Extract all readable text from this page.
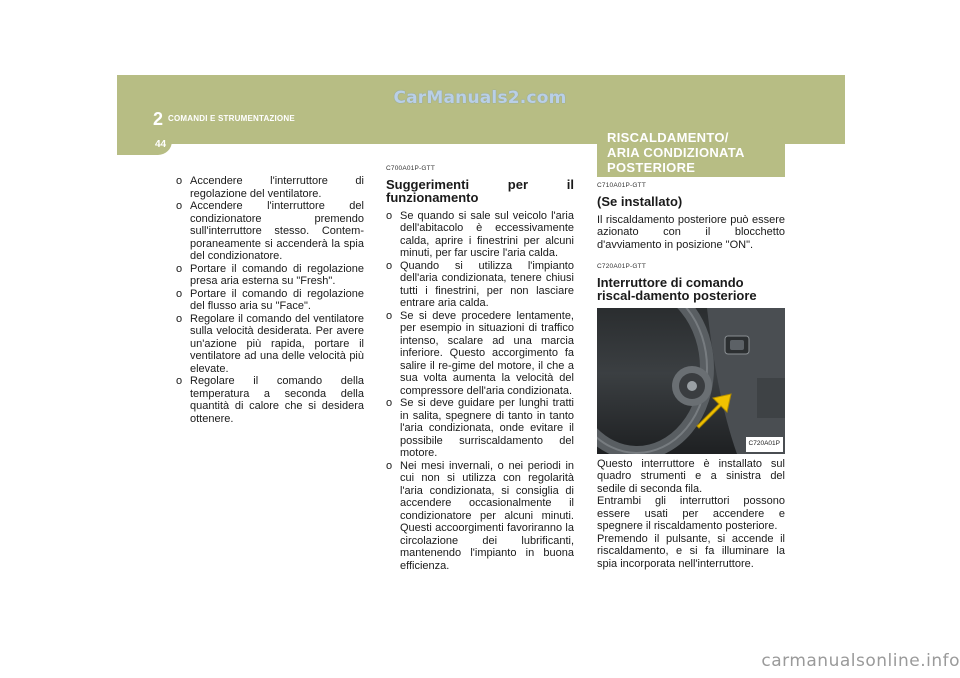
CarManuals2.com
2 COMANDI E STRUMENTAZIONE
44	RISCALDAMENTO/
ARIA CONDIZIONATA
POSTERIORE
o Accendere l'interruttore di regolazione del ventilatore.
o Accendere l'interruttore del condizionatore premendo sull'interruttore stesso. Contem-poraneamente si accenderà la spia del condizionatore.
o Portare il comando di regolazione presa aria esterna su "Fresh".
o Portare il comando di regolazione del flusso aria su "Face".
o Regolare il comando del ventilatore sulla velocità desiderata. Per avere un'azione più rapida, portare il ventilatore ad una delle velocità più elevate.
o Regolare il comando della temperatura a seconda della quantità di calore che si desidera ottenere.
C700A01P-GTT
Suggerimenti per il funzionamento
o Se quando si sale sul veicolo l'aria dell'abitacolo è eccessivamente calda, aprire i finestrini per alcuni minuti, per far uscire l'aria calda.
o Quando si utilizza l'impianto dell'aria condizionata, tenere chiusi tutti i finestrini, per non lasciare entrare aria calda.
o Se si deve procedere lentamente, per esempio in situazioni di traffico intenso, scalare ad una marcia inferiore. Questo accorgimento fa salire il re-gime del motore, il che a sua volta aumenta la velocità del compressore dell'aria condizionata.
o Se si deve guidare per lunghi tratti in salita, spegnere di tanto in tanto l'aria condizionata, onde evitare il possibile surriscaldamento del motore.
o Nei mesi invernali, o nei periodi in cui non si utilizza con regolarità l'aria condizionata, si consiglia di accendere occasionalmente il condizionatore per alcuni minuti. Questi accoorgimenti favoriranno la circolazione dei lubrificanti, mantenendo l'impianto in buona efficienza.
C710A01P-GTT
(Se installato)

Il riscaldamento posteriore può essere azionato con il blocchetto d'avviamento in posizione "ON".

C720A01P-GTT
Interruttore di comando riscal-damento posteriore
C720A01P

Questo interruttore è installato sul quadro strumenti e a sinistra del sedile di seconda fila.

Entrambi gli interruttori possono essere usati per accendere e spegnere il riscaldamento posteriore.

Premendo il pulsante, si accende il riscaldamento, e si fa illuminare la spia incorporata nell'interruttore.

carmanualsonline.info
